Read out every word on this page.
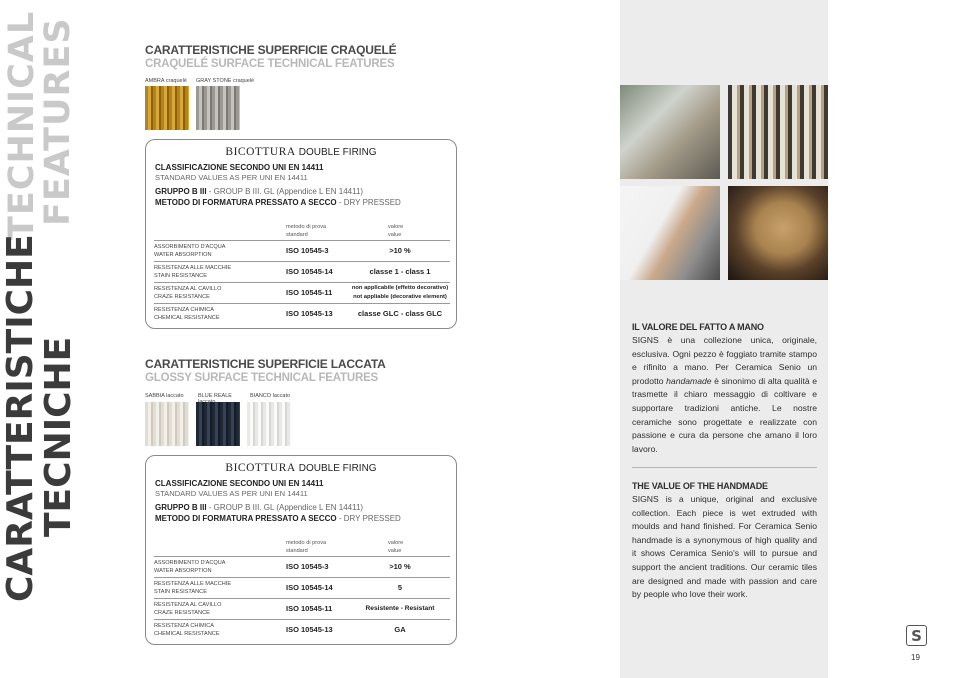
TECHNICAL
FEATURES
CARATTERISTICHE
TECNICHE
CARATTERISTICHE SUPERFICIE CRAQUELÉ
CRAQUELÉ SURFACE TECHNICAL FEATURES
AMBRA craquelé	GRAY STONE craquelé
BICOTTURA DOUBLE FIRING
CLASSIFICAZIONE SECONDO UNI EN 14411
STANDARD VALUES AS PER UNI EN 14411
GRUPPO B III - GROUP B III. GL (Appendice L EN 14411)
METODO DI FORMATURA PRESSATO A SECCO - DRY PRESSED
metodo di prova
standard
valore
value
ASSORBIMENTO D'ACQUA
WATER ABSORPTION	ISO 10545-3	>10 %
RESISTENZA ALLE MACCHIE
STAIN RESISTANCE	ISO 10545-14	classe 1 - class 1
RESISTENZA AL CAVILLO
CRAZE RESISTANCE	ISO 10545-11	non applicabile (effetto decorativo)
not appliable (decorative element)
RESISTENZA CHIMICA
CHEMICAL RESISTANCE	ISO 10545-13	classe GLC - class GLC
CARATTERISTICHE SUPERFICIE LACCATA
GLOSSY SURFACE TECHNICAL FEATURES
SABBIA laccato	BLUE REALE	BIANCO laccato
BICOTTURA DOUBLE FIRING
CLASSIFICAZIONE SECONDO UNI EN 14411
STANDARD VALUES AS PER UNI EN 14411
GRUPPO B III - GROUP B III. GL (Appendice L EN 14411)
METODO DI FORMATURA PRESSATO A SECCO - DRY PRESSED
metodo di prova
standard
valore
value
ASSORBIMENTO D'ACQUA
WATER ABSORPTION	ISO 10545-3	>10 %
RESISTENZA ALLE MACCHIE
STAIN RESISTANCE	ISO 10545-14	5
RESISTENZA AL CAVILLO
CRAZE RESISTANCE	ISO 10545-11	Resistente - Resistant
RESISTENZA CHIMICA
CHEMICAL RESISTANCE	ISO 10545-13	GA
IL VALORE DEL FATTO A MANO
SIGNS è una collezione unica, originale, esclusiva. Ogni pezzo è foggiato tramite stampo e rifinito a mano. Per Ceramica Senio un prodotto handamade è sinonimo di alta qualità e trasmette il chiaro messaggio di coltivare e supportare tradizioni antiche. Le nostre ceramiche sono progettate e realizzate con passione e cura da persone che amano il loro lavoro.
THE VALUE OF THE HANDMADE
SIGNS is a unique, original and exclusive collection. Each piece is wet extruded with moulds and hand finished. For Ceramica Senio handmade is a synonymous of high quality and it shows Ceramica Senio's will to pursue and support the ancient traditions. Our ceramic tiles are designed and made with passion and care by people who love their work.
S
19
